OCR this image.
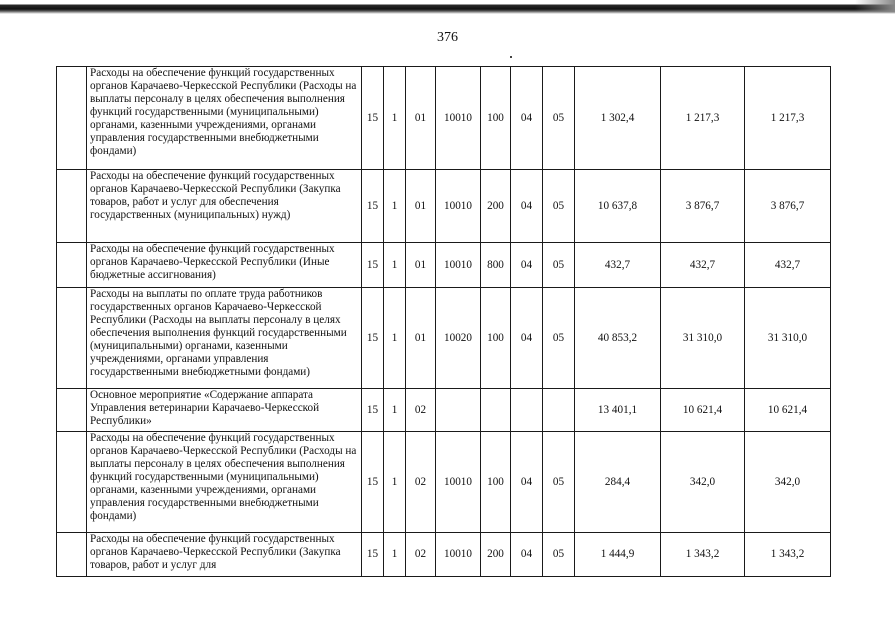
376
	Расходы на обеспечение функций государственных органов Карачаево-Черкесской Республики (Расходы на выплаты персоналу в целях обеспечения выполнения функций государственными (муниципальными) органами, казенными учреждениями, органами управления государственными внебюджетными фондами)	15	1	01	10010	100	04	05	1 302,4	1 217,3	1 217,3
	Расходы на обеспечение функций государственных органов Карачаево-Черкесской Республики (Закупка товаров, работ и услуг для обеспечения государственных (муниципальных) нужд)	15	1	01	10010	200	04	05	10 637,8	3 876,7	3 876,7
	Расходы на обеспечение функций государственных органов Карачаево-Черкесской Республики (Иные бюджетные ассигнования)	15	1	01	10010	800	04	05	432,7	432,7	432,7
	Расходы на выплаты по оплате труда работников государственных органов Карачаево-Черкесской Республики (Расходы на выплаты персоналу в целях обеспечения выполнения функций государственными (муниципальными) органами, казенными учреждениями, органами управления государственными внебюджетными фондами)	15	1	01	10020	100	04	05	40 853,2	31 310,0	31 310,0
	Основное мероприятие «Содержание аппарата Управления ветеринарии Карачаево-Черкесской Республики»	15	1	02					13 401,1	10 621,4	10 621,4
	Расходы на обеспечение функций государственных органов Карачаево-Черкесской Республики (Расходы на выплаты персоналу в целях обеспечения выполнения функций государственными (муниципальными) органами, казенными учреждениями, органами управления государственными внебюджетными фондами)	15	1	02	10010	100	04	05	284,4	342,0	342,0
	Расходы на обеспечение функций государственных органов Карачаево-Черкесской Республики (Закупка товаров, работ и услуг для	15	1	02	10010	200	04	05	1 444,9	1 343,2	1 343,2
